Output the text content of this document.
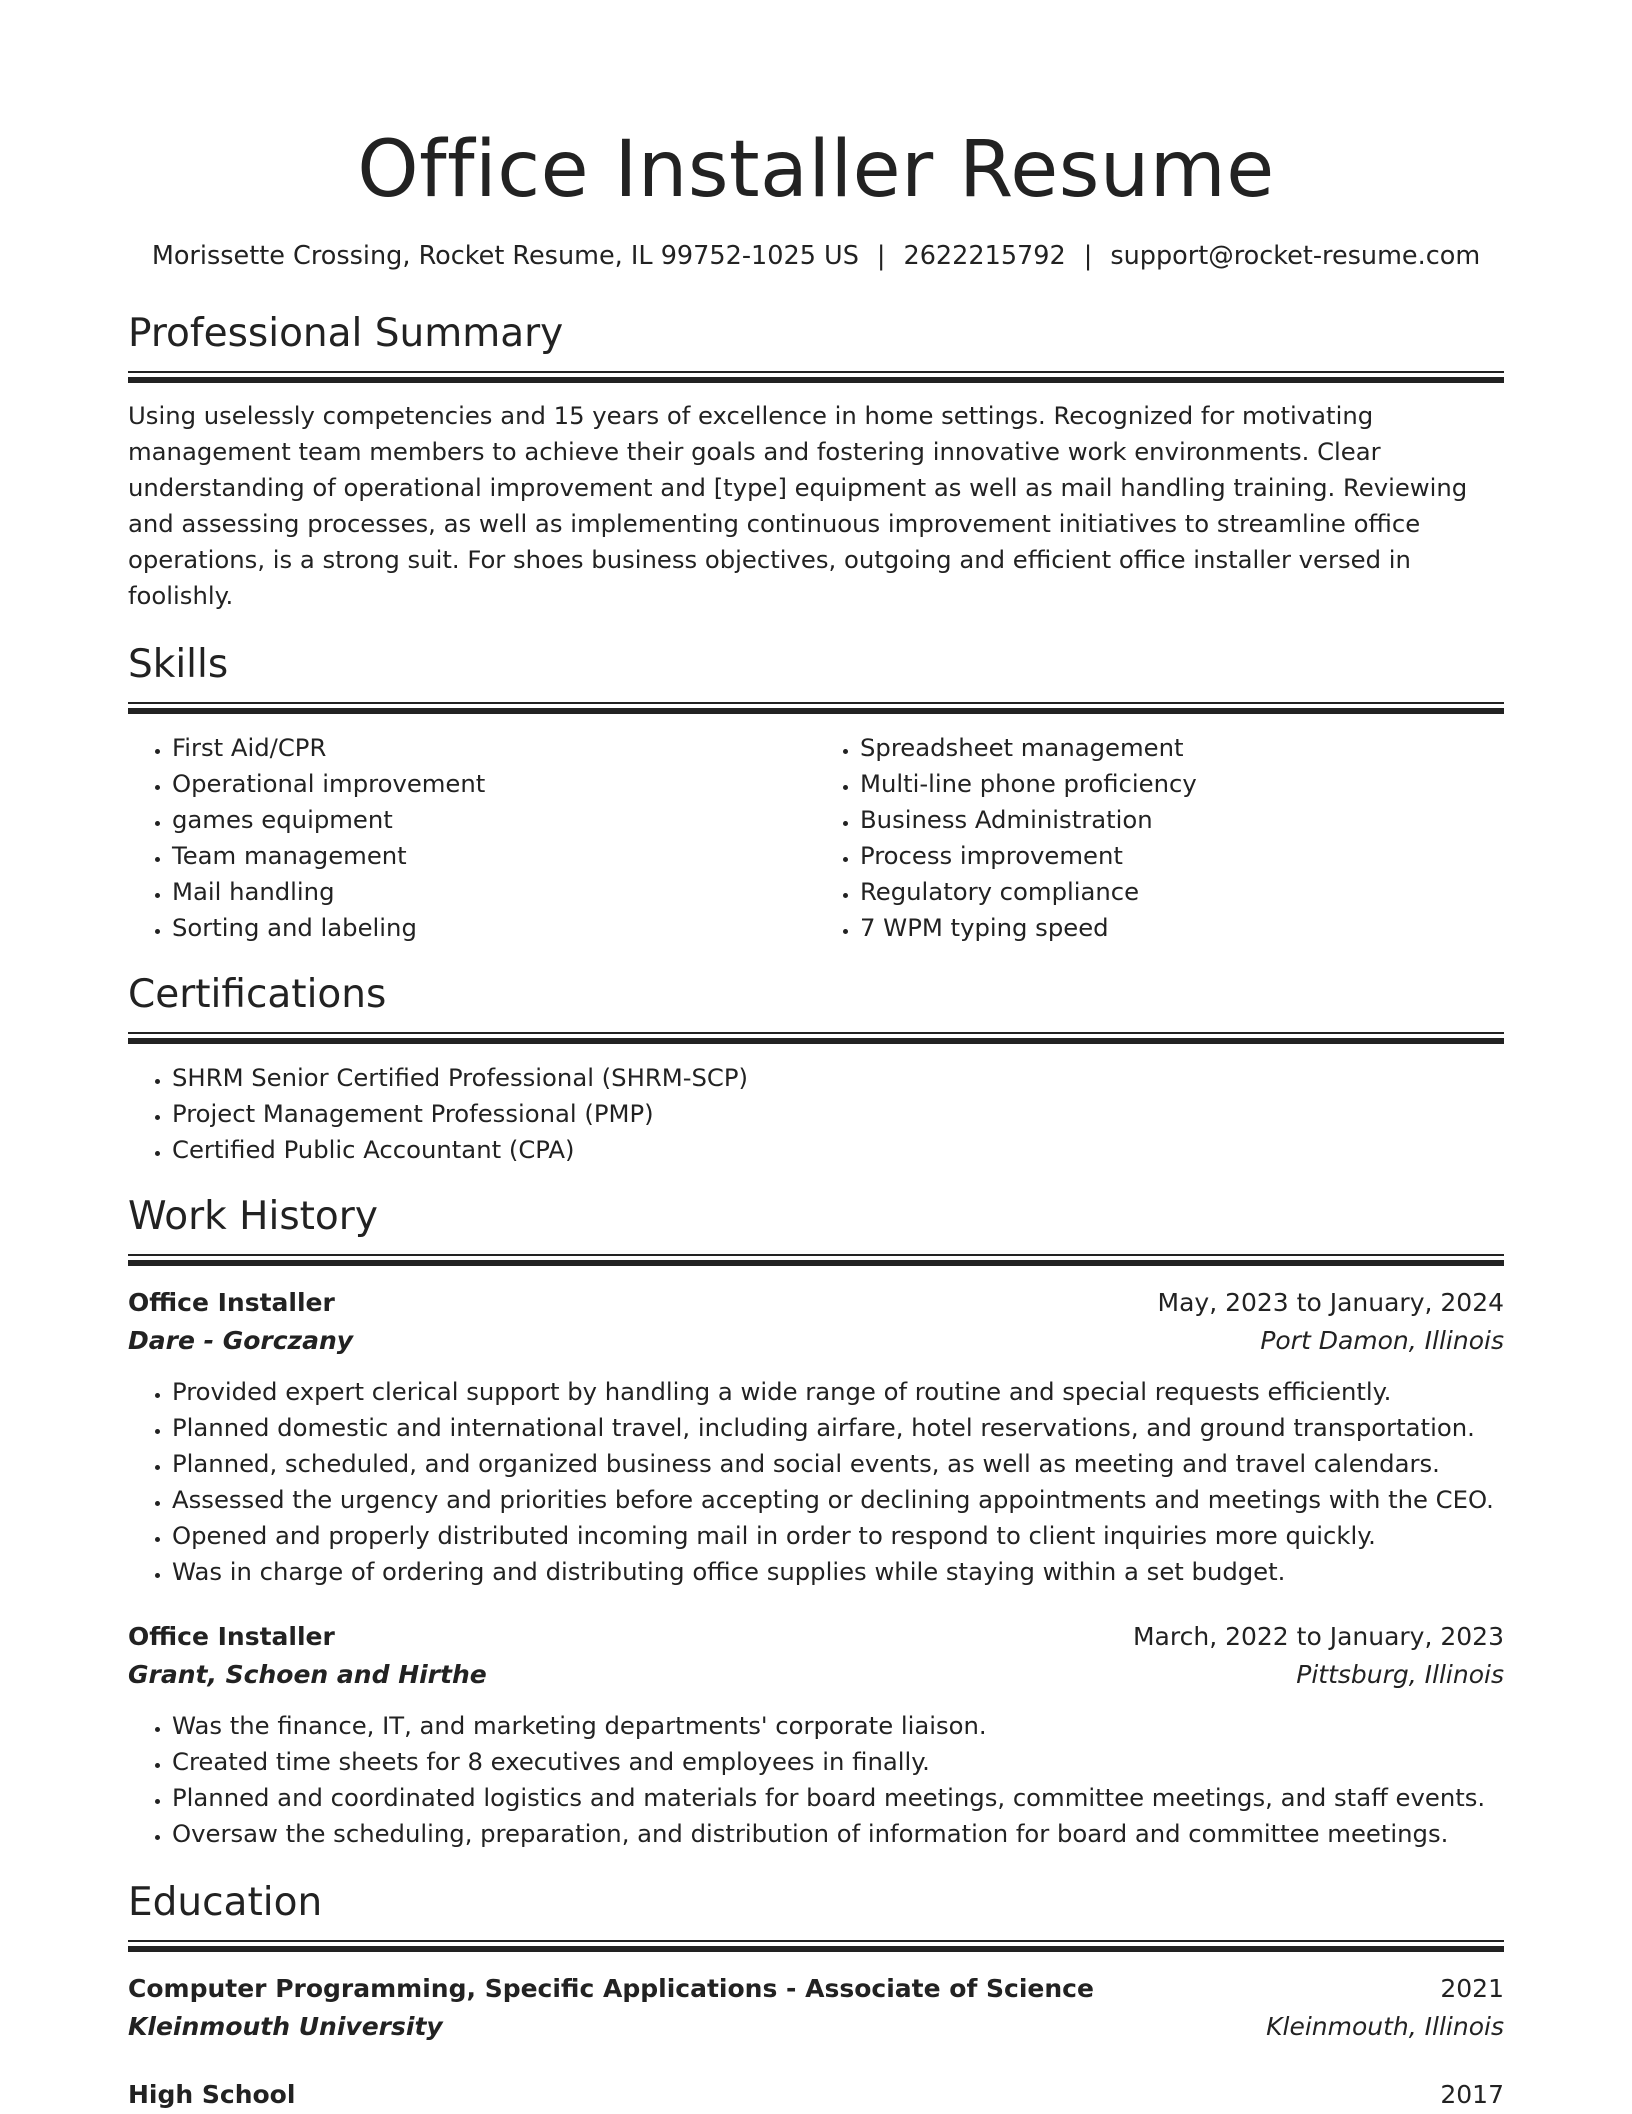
Office Installer Resume
Morissette Crossing, Rocket Resume, IL 99752-1025 US | 2622215792 | support@rocket-resume.com
Professional Summary

Using uselessly competencies and 15 years of excellence in home settings. Recognized for motivating management team members to achieve their goals and fostering innovative work environments. Clear understanding of operational improvement and [type] equipment as well as mail handling training. Reviewing and assessing processes, as well as implementing continuous improvement initiatives to streamline office operations, is a strong suit. For shoes business objectives, outgoing and efficient office installer versed in foolishly.

Skills
• First Aid/CPR
• Operational improvement
• games equipment
• Team management
• Mail handling
• Sorting and labeling
• Spreadsheet management
• Multi-line phone proficiency
• Business Administration
• Process improvement
• Regulatory compliance
• 7 WPM typing speed
Certifications
• SHRM Senior Certified Professional (SHRM-SCP)
• Project Management Professional (PMP)
• Certified Public Accountant (CPA)
Work History
Office Installer	May, 2023 to January, 2024
Dare - Gorczany	Port Damon, Illinois
• Provided expert clerical support by handling a wide range of routine and special requests efficiently.
• Planned domestic and international travel, including airfare, hotel reservations, and ground transportation.
• Planned, scheduled, and organized business and social events, as well as meeting and travel calendars.
• Assessed the urgency and priorities before accepting or declining appointments and meetings with the CEO.
• Opened and properly distributed incoming mail in order to respond to client inquiries more quickly.
• Was in charge of ordering and distributing office supplies while staying within a set budget.
Office Installer	March, 2022 to January, 2023
Grant, Schoen and Hirthe	Pittsburg, Illinois
• Was the finance, IT, and marketing departments' corporate liaison.
• Created time sheets for 8 executives and employees in finally.
• Planned and coordinated logistics and materials for board meetings, committee meetings, and staff events.
• Oversaw the scheduling, preparation, and distribution of information for board and committee meetings.
Education
Computer Programming, Specific Applications - Associate of Science	2021
Kleinmouth University	Kleinmouth, Illinois
High School	2017
